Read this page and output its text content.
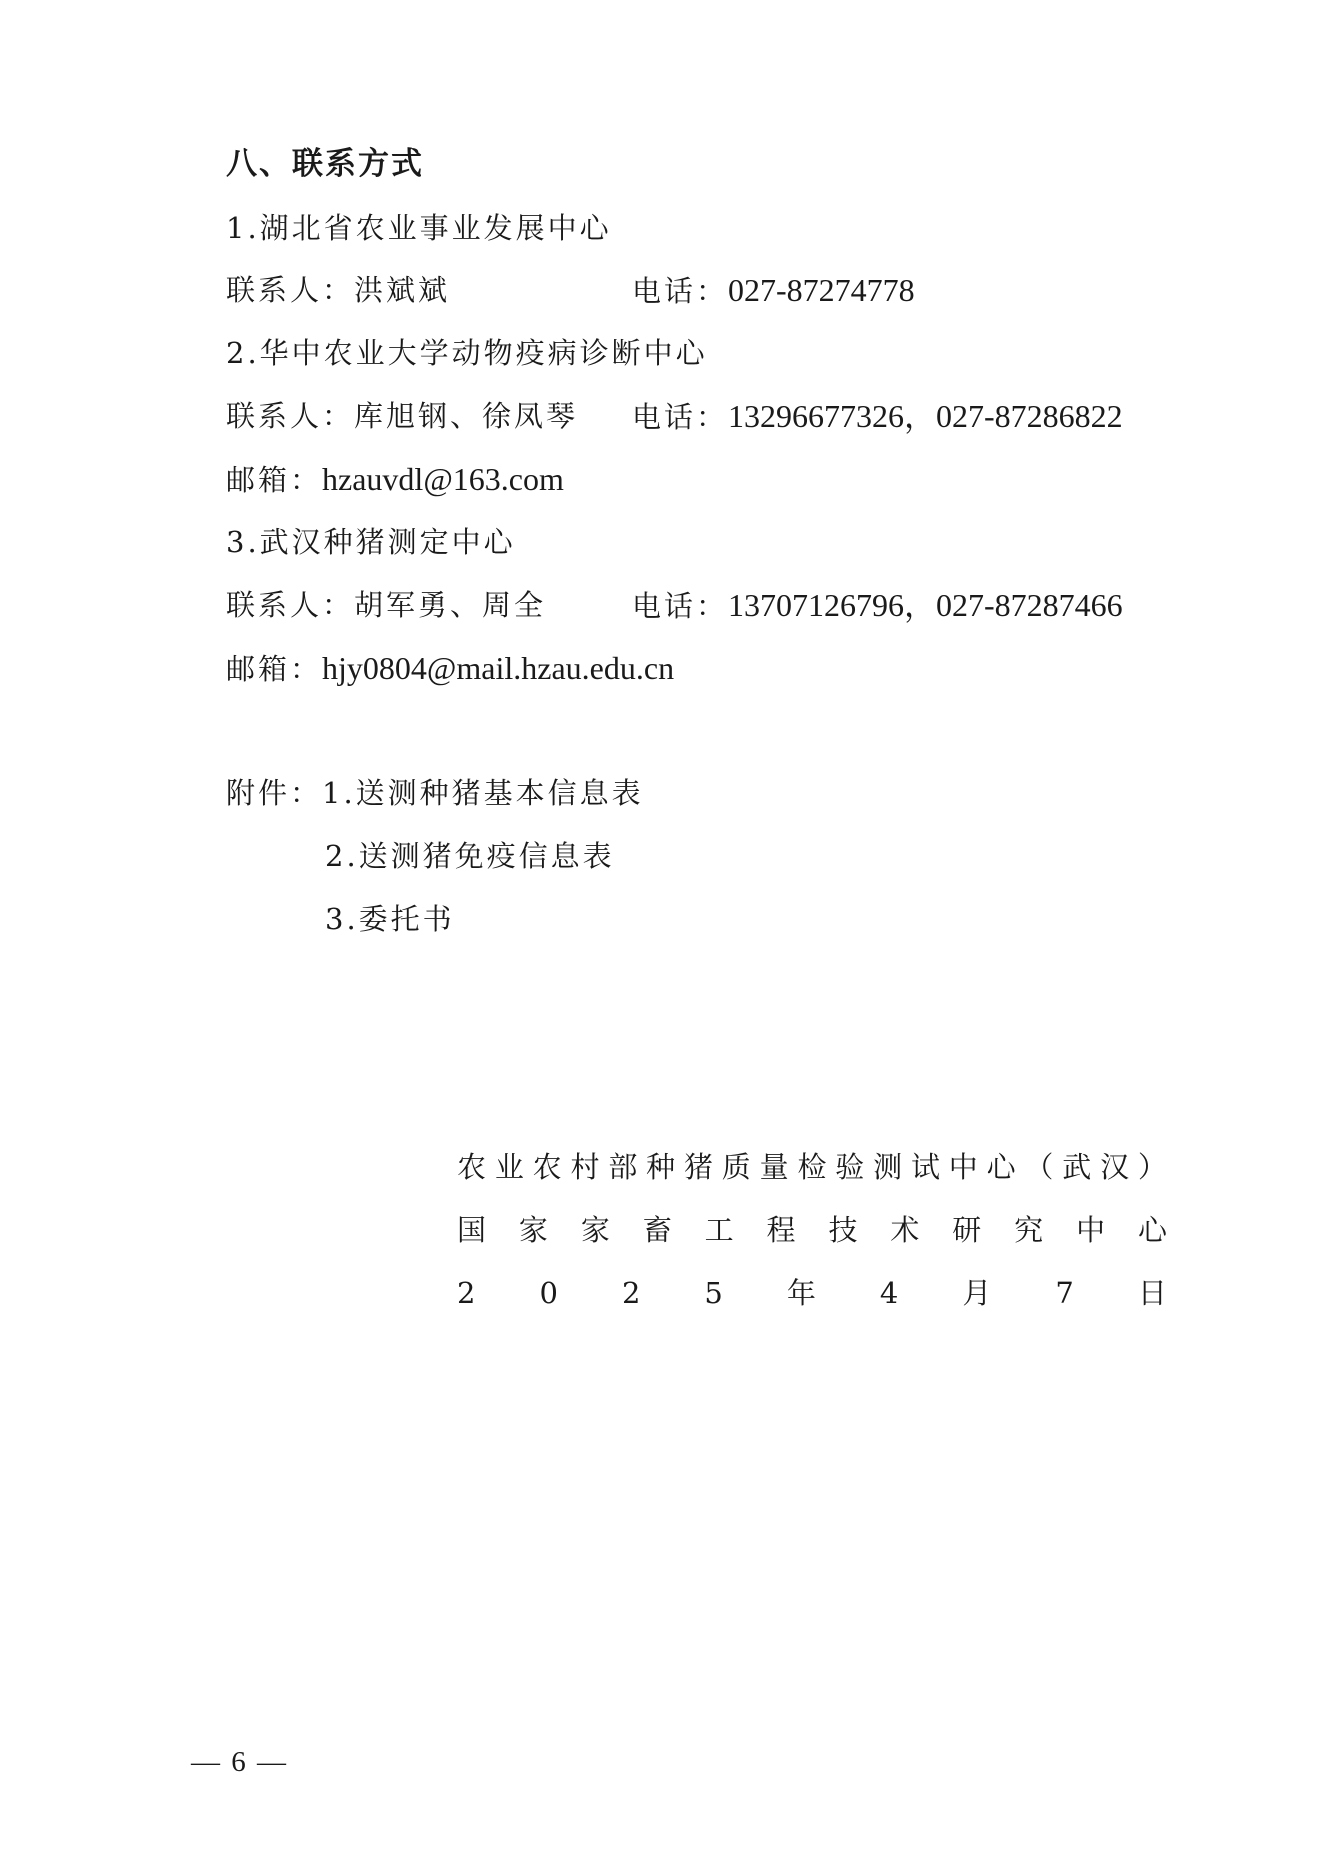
八、联系方式
1.湖北省农业事业发展中心
联系人：洪斌斌	电话：027-87274778
2.华中农业大学动物疫病诊断中心
联系人：库旭钢、徐凤琴 电话：13296677326，027-87286822
邮箱：hzauvdl@163.com
3.武汉种猪测定中心
联系人：胡军勇、周全	电话：13707126796，027-87287466
邮箱：hjy0804@mail.hzau.edu.cn
附件：1.送测种猪基本信息表
2.送测猪免疫信息表
3.委托书
农 业 农 村 部 种 猪 质 量 检 验 测 试 中 心 （ 武 汉 ）
国 家 家 畜 工 程 技 术 研 究 中 心
2 0 2 5 年 4 月 7 日
— 6 —
